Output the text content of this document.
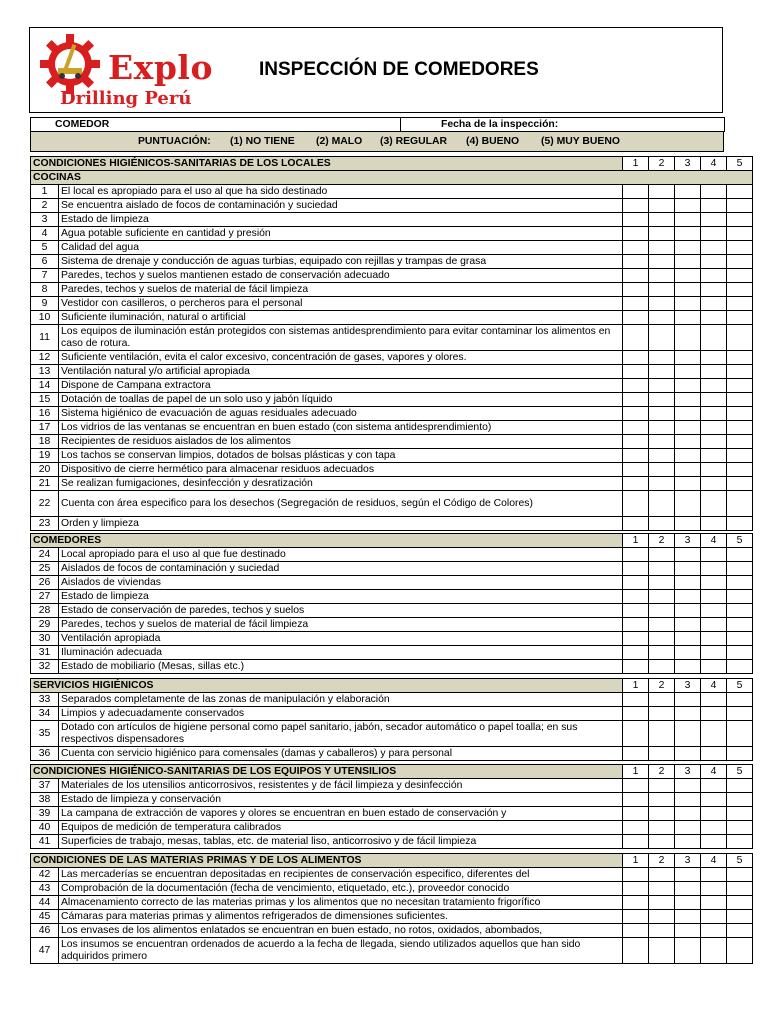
Explo
Drilling Perú
INSPECCIÓN DE COMEDORES
COMEDOR	Fecha de la inspección:
PUNTUACIÓN: (1) NO TIENE (2) MALO (3) REGULAR (4) BUENO (5) MUY BUENO
CONDICIONES HIGIÉNICOS-SANITARIAS DE LOS LOCALES		1	2	3	4	5
COCINAS						
1	El local es apropiado para el uso al que ha sido destinado					
2	Se encuentra aislado de focos de contaminación y suciedad					
3	Estado de limpieza					
4	Agua potable suficiente en cantidad y presión					
5	Calidad del agua					
6	Sistema de drenaje y conducción de aguas turbias, equipado con rejillas y trampas de grasa					
7	Paredes, techos y suelos mantienen estado de conservación adecuado					
8	Paredes, techos y suelos de material de fácil limpieza					
9	Vestidor con casilleros, o percheros para el personal					
10	Suficiente iluminación, natural o artificial					
11	Los equipos de iluminación están protegidos con sistemas antidesprendimiento para evitar contaminar los alimentos en caso de rotura.					
12	Suficiente ventilación, evita el calor excesivo, concentración de gases, vapores y olores.					
13	Ventilación natural y/o artificial apropiada					
14	Dispone de Campana extractora					
15	Dotación de toallas de papel de un solo uso y jabón líquido					
16	Sistema higiénico de evacuación de aguas residuales adecuado					
17	Los vidrios de las ventanas se encuentran en buen estado (con sistema antidesprendimiento)					
18	Recipientes de residuos aislados de los alimentos					
19	Los tachos se conservan limpios, dotados de bolsas plásticas y con tapa					
20	Dispositivo de cierre hermético para almacenar residuos adecuados					
21	Se realizan fumigaciones, desinfección y desratización					
22	Cuenta con área especifico para los desechos (Segregación de residuos, según el Código de Colores)					
23	Orden y limpieza					
COMEDORES		1	2	3	4	5
24	Local apropiado para el uso al que fue destinado					
25	Aislados de focos de contaminación y suciedad					
26	Aislados de viviendas					
27	Estado de limpieza					
28	Estado de conservación de paredes, techos y suelos					
29	Paredes, techos y suelos de material de fácil limpieza					
30	Ventilación apropiada					
31	Iluminación adecuada					
32	Estado de mobiliario (Mesas, sillas etc.)					
SERVICIOS HIGIÉNICOS		1	2	3	4	5
33	Separados completamente de las zonas de manipulación y elaboración					
34	Limpios y adecuadamente conservados					
35	Dotado con artículos de higiene personal como papel sanitario, jabón, secador automático o papel toalla; en sus respectivos dispensadores					
36	Cuenta con servicio higiénico para comensales (damas y caballeros) y para personal					
CONDICIONES HIGIÉNICO-SANITARIAS DE LOS EQUIPOS Y UTENSILIOS		1	2	3	4	5
37	Materiales de los utensilios anticorrosivos, resistentes y de fácil limpieza y desinfección					
38	Estado de limpieza y conservación					
39	La campana de extracción de vapores y olores se encuentran en buen estado de conservación y					
40	Equipos de medición de temperatura calibrados					
41	Superficies de trabajo, mesas, tablas, etc. de material liso, anticorrosivo y de fácil limpieza					
CONDICIONES DE LAS MATERIAS PRIMAS Y DE LOS ALIMENTOS		1	2	3	4	5
42	Las mercaderías se encuentran depositadas en recipientes de conservación especifico, diferentes del					
43	Comprobación de la documentación (fecha de vencimiento, etiquetado, etc.), proveedor conocido					
44	Almacenamiento correcto de las materias primas y los alimentos que no necesitan tratamiento frigorífico					
45	Cámaras para materias primas y alimentos refrigerados de dimensiones suficientes.					
46	Los envases de los alimentos enlatados se encuentran en buen estado, no rotos, oxidados, abombados,					
47	Los insumos se encuentran ordenados de acuerdo a la fecha de llegada, siendo utilizados aquellos que han sido adquiridos primero					
